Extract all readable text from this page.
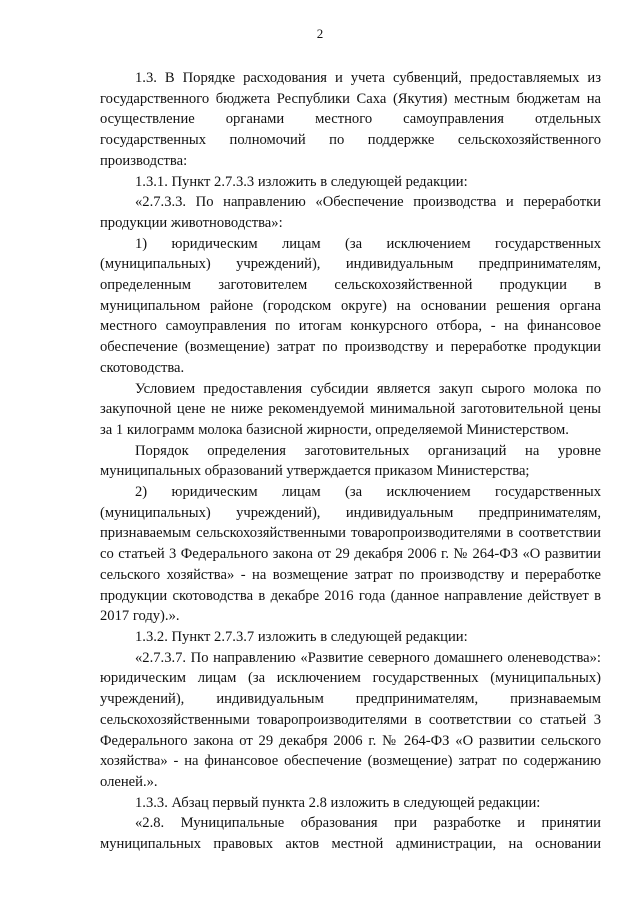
2

1.3. В Порядке расходования и учета субвенций, предоставляемых из государственного бюджета Республики Саха (Якутия) местным бюджетам на осуществление органами местного самоуправления отдельных государственных полномочий по поддержке сельскохозяйственного производства:

1.3.1. Пункт 2.7.3.3 изложить в следующей редакции:

«2.7.3.3. По направлению «Обеспечение производства и переработки продукции животноводства»:

1) юридическим лицам (за исключением государственных (муниципальных) учреждений), индивидуальным предпринимателям, определенным заготовителем сельскохозяйственной продукции в муниципальном районе (городском округе) на основании решения органа местного самоуправления по итогам конкурсного отбора, - на финансовое обеспечение (возмещение) затрат по производству и переработке продукции скотоводства.

Условием предоставления субсидии является закуп сырого молока по закупочной цене не ниже рекомендуемой минимальной заготовительной цены за 1 килограмм молока базисной жирности, определяемой Министерством.

Порядок определения заготовительных организаций на уровне муниципальных образований утверждается приказом Министерства;

2) юридическим лицам (за исключением государственных (муниципальных) учреждений), индивидуальным предпринимателям, признаваемым сельскохозяйственными товаропроизводителями в соответствии со статьей 3 Федерального закона от 29 декабря 2006 г. № 264-ФЗ «О развитии сельского хозяйства» - на возмещение затрат по производству и переработке продукции скотоводства в декабре 2016 года (данное направление действует в 2017 году).».

1.3.2. Пункт 2.7.3.7 изложить в следующей редакции:

«2.7.3.7. По направлению «Развитие северного домашнего оленеводства»: юридическим лицам (за исключением государственных (муниципальных) учреждений), индивидуальным предпринимателям, признаваемым сельскохозяйственными товаропроизводителями в соответствии со статьей 3 Федерального закона от 29 декабря 2006 г. № 264-ФЗ «О развитии сельского хозяйства» - на финансовое обеспечение (возмещение) затрат по содержанию оленей.».

1.3.3. Абзац первый пункта 2.8 изложить в следующей редакции:

«2.8. Муниципальные образования при разработке и принятии муниципальных правовых актов местной администрации, на основании
